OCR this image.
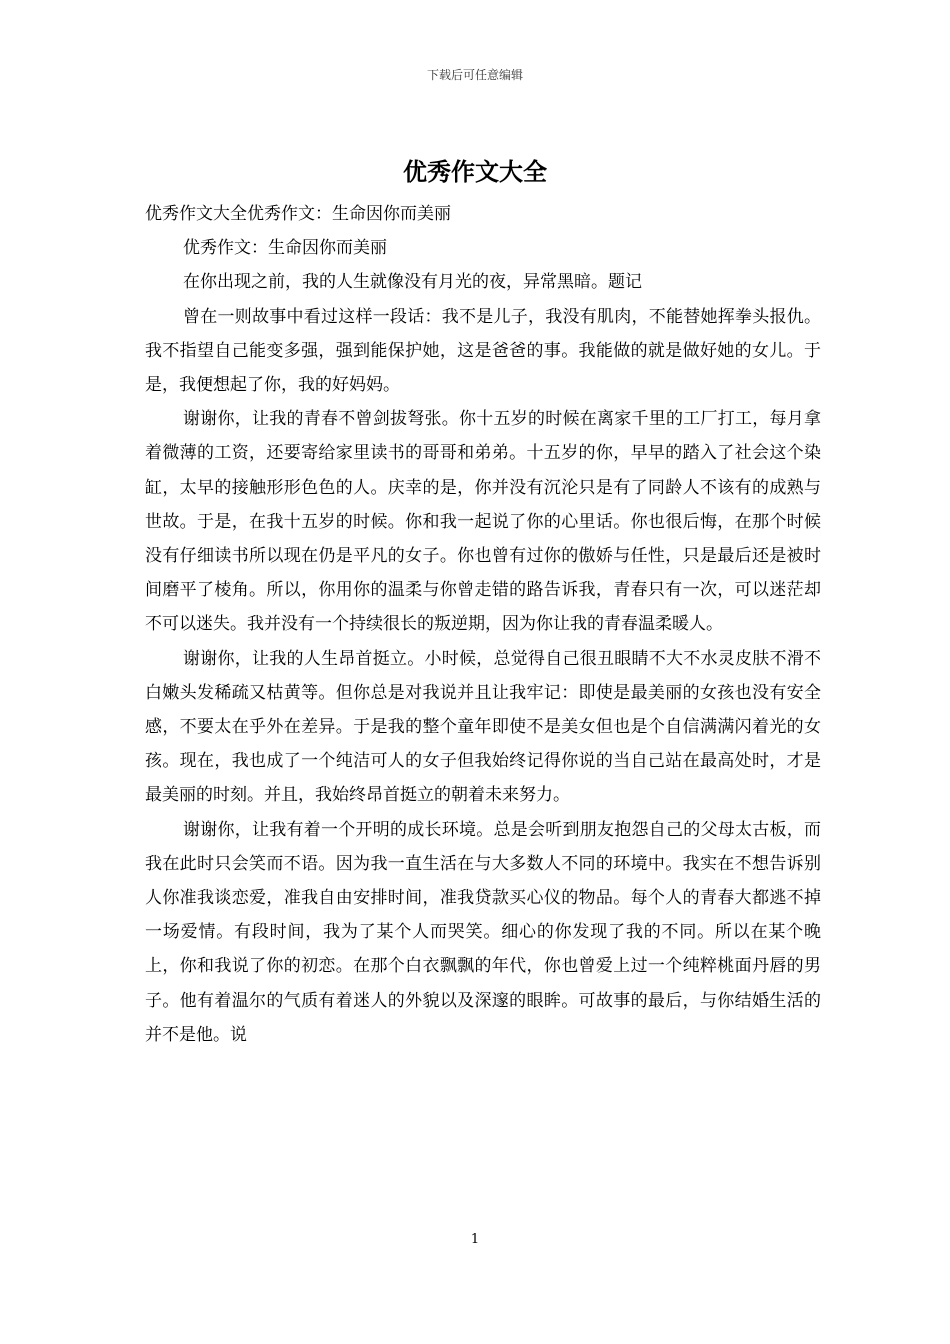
下载后可任意编辑
优秀作文大全

优秀作文大全优秀作文：生命因你而美丽

优秀作文：生命因你而美丽

在你出现之前，我的人生就像没有月光的夜，异常黑暗。题记

曾在一则故事中看过这样一段话：我不是儿子，我没有肌肉，不能替她挥拳头报仇。我不指望自己能变多强，强到能保护她，这是爸爸的事。我能做的就是做好她的女儿。于是，我便想起了你，我的好妈妈。

谢谢你，让我的青春不曾剑拔弩张。你十五岁的时候在离家千里的工厂打工，每月拿着微薄的工资，还要寄给家里读书的哥哥和弟弟。十五岁的你，早早的踏入了社会这个染缸，太早的接触形形色色的人。庆幸的是，你并没有沉沦只是有了同龄人不该有的成熟与世故。于是，在我十五岁的时候。你和我一起说了你的心里话。你也很后悔，在那个时候没有仔细读书所以现在仍是平凡的女子。你也曾有过你的傲娇与任性，只是最后还是被时间磨平了棱角。所以，你用你的温柔与你曾走错的路告诉我，青春只有一次，可以迷茫却不可以迷失。我并没有一个持续很长的叛逆期，因为你让我的青春温柔暖人。

谢谢你，让我的人生昂首挺立。小时候，总觉得自己很丑眼睛不大不水灵皮肤不滑不白嫩头发稀疏又枯黄等。但你总是对我说并且让我牢记：即使是最美丽的女孩也没有安全感，不要太在乎外在差异。于是我的整个童年即使不是美女但也是个自信满满闪着光的女孩。现在，我也成了一个纯洁可人的女子但我始终记得你说的当自己站在最高处时，才是最美丽的时刻。并且，我始终昂首挺立的朝着未来努力。

谢谢你，让我有着一个开明的成长环境。总是会听到朋友抱怨自己的父母太古板，而我在此时只会笑而不语。因为我一直生活在与大多数人不同的环境中。我实在不想告诉别人你准我谈恋爱，准我自由安排时间，准我贷款买心仪的物品。每个人的青春大都逃不掉一场爱情。有段时间，我为了某个人而哭笑。细心的你发现了我的不同。所以在某个晚上，你和我说了你的初恋。在那个白衣飘飘的年代，你也曾爱上过一个纯粹桃面丹唇的男子。他有着温尔的气质有着迷人的外貌以及深邃的眼眸。可故事的最后，与你结婚生活的并不是他。说

1
